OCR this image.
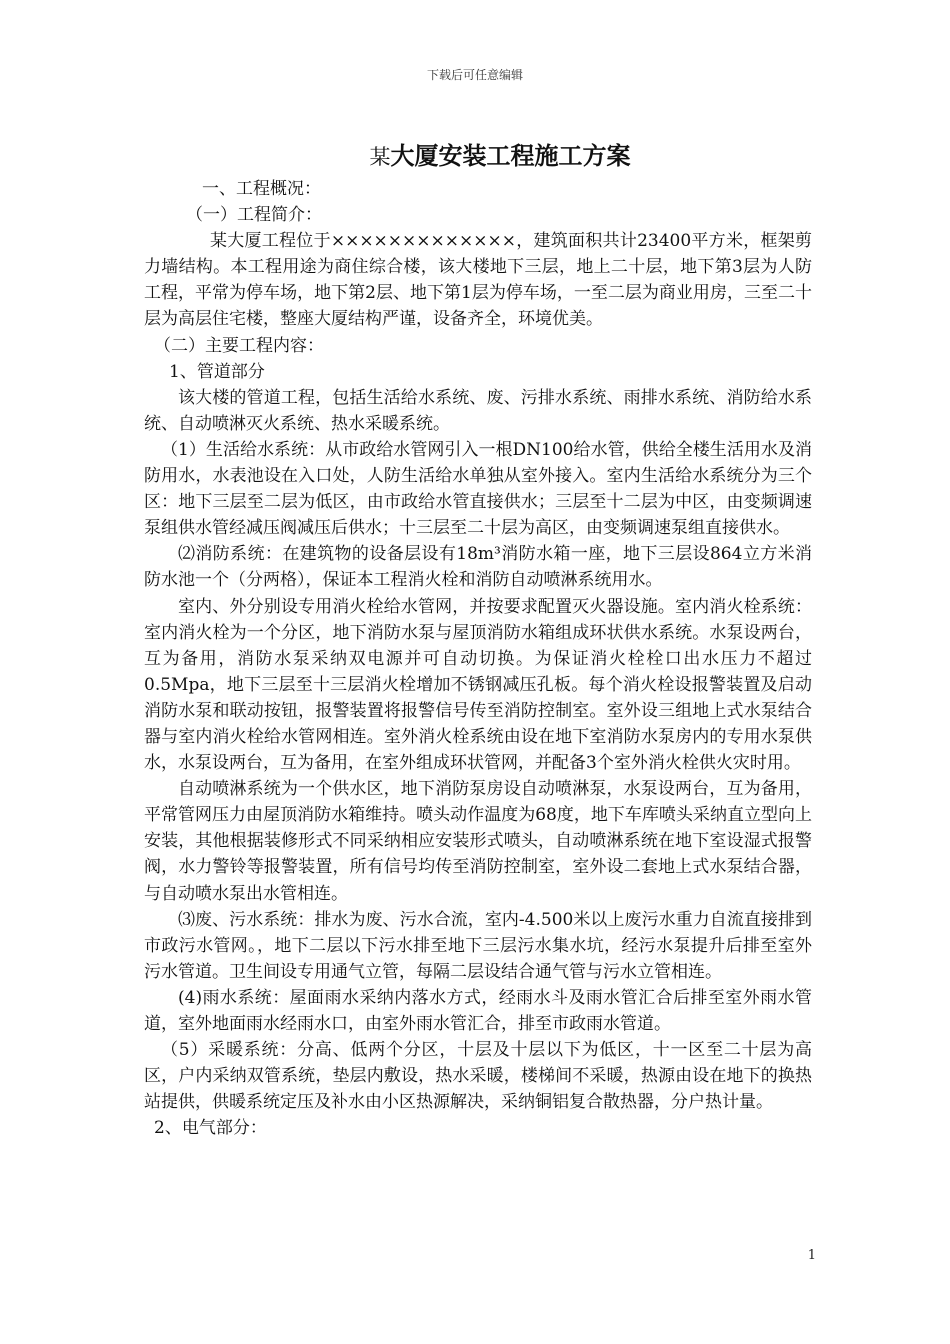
下载后可任意编辑
某大厦安装工程施工方案

一、工程概况：

（一）工程简介：

某大厦工程位于×××××××××××××，建筑面积共计23400平方米，框架剪力墙结构。本工程用途为商住综合楼，该大楼地下三层，地上二十层，地下第3层为人防工程，平常为停车场，地下第2层、地下第1层为停车场，一至二层为商业用房，三至二十层为高层住宅楼，整座大厦结构严谨，设备齐全，环境优美。

（二）主要工程内容：

1、管道部分

该大楼的管道工程，包括生活给水系统、废、污排水系统、雨排水系统、消防给水系统、自动喷淋灭火系统、热水采暖系统。

（1）生活给水系统：从市政给水管网引入一根DN100给水管，供给全楼生活用水及消防用水，水表池设在入口处，人防生活给水单独从室外接入。室内生活给水系统分为三个区：地下三层至二层为低区，由市政给水管直接供水；三层至十二层为中区，由变频调速泵组供水管经减压阀减压后供水；十三层至二十层为高区，由变频调速泵组直接供水。

⑵消防系统：在建筑物的设备层设有18m³消防水箱一座，地下三层设864立方米消防水池一个（分两格），保证本工程消火栓和消防自动喷淋系统用水。

室内、外分别设专用消火栓给水管网，并按要求配置灭火器设施。室内消火栓系统：室内消火栓为一个分区，地下消防水泵与屋顶消防水箱组成环状供水系统。水泵设两台，互为备用，消防水泵采纳双电源并可自动切换。为保证消火栓栓口出水压力不超过0.5Mpa，地下三层至十三层消火栓增加不锈钢减压孔板。每个消火栓设报警装置及启动消防水泵和联动按钮，报警装置将报警信号传至消防控制室。室外设三组地上式水泵结合器与室内消火栓给水管网相连。室外消火栓系统由设在地下室消防水泵房内的专用水泵供水，水泵设两台，互为备用，在室外组成环状管网，并配备3个室外消火栓供火灾时用。

自动喷淋系统为一个供水区，地下消防泵房设自动喷淋泵，水泵设两台，互为备用，平常管网压力由屋顶消防水箱维持。喷头动作温度为68度，地下车库喷头采纳直立型向上安装，其他根据装修形式不同采纳相应安装形式喷头，自动喷淋系统在地下室设湿式报警阀，水力警铃等报警装置，所有信号均传至消防控制室，室外设二套地上式水泵结合器，与自动喷水泵出水管相连。

⑶废、污水系统：排水为废、污水合流，室内-4.500米以上废污水重力自流直接排到市政污水管网。，地下二层以下污水排至地下三层污水集水坑，经污水泵提升后排至室外污水管道。卫生间设专用通气立管，每隔二层设结合通气管与污水立管相连。

(4)雨水系统：屋面雨水采纳内落水方式，经雨水斗及雨水管汇合后排至室外雨水管道，室外地面雨水经雨水口，由室外雨水管汇合，排至市政雨水管道。

（5）采暖系统：分高、低两个分区，十层及十层以下为低区，十一区至二十层为高区，户内采纳双管系统，垫层内敷设，热水采暖，楼梯间不采暖，热源由设在地下的换热站提供，供暖系统定压及补水由小区热源解决，采纳铜铝复合散热器，分户热计量。

2、电气部分：

1
